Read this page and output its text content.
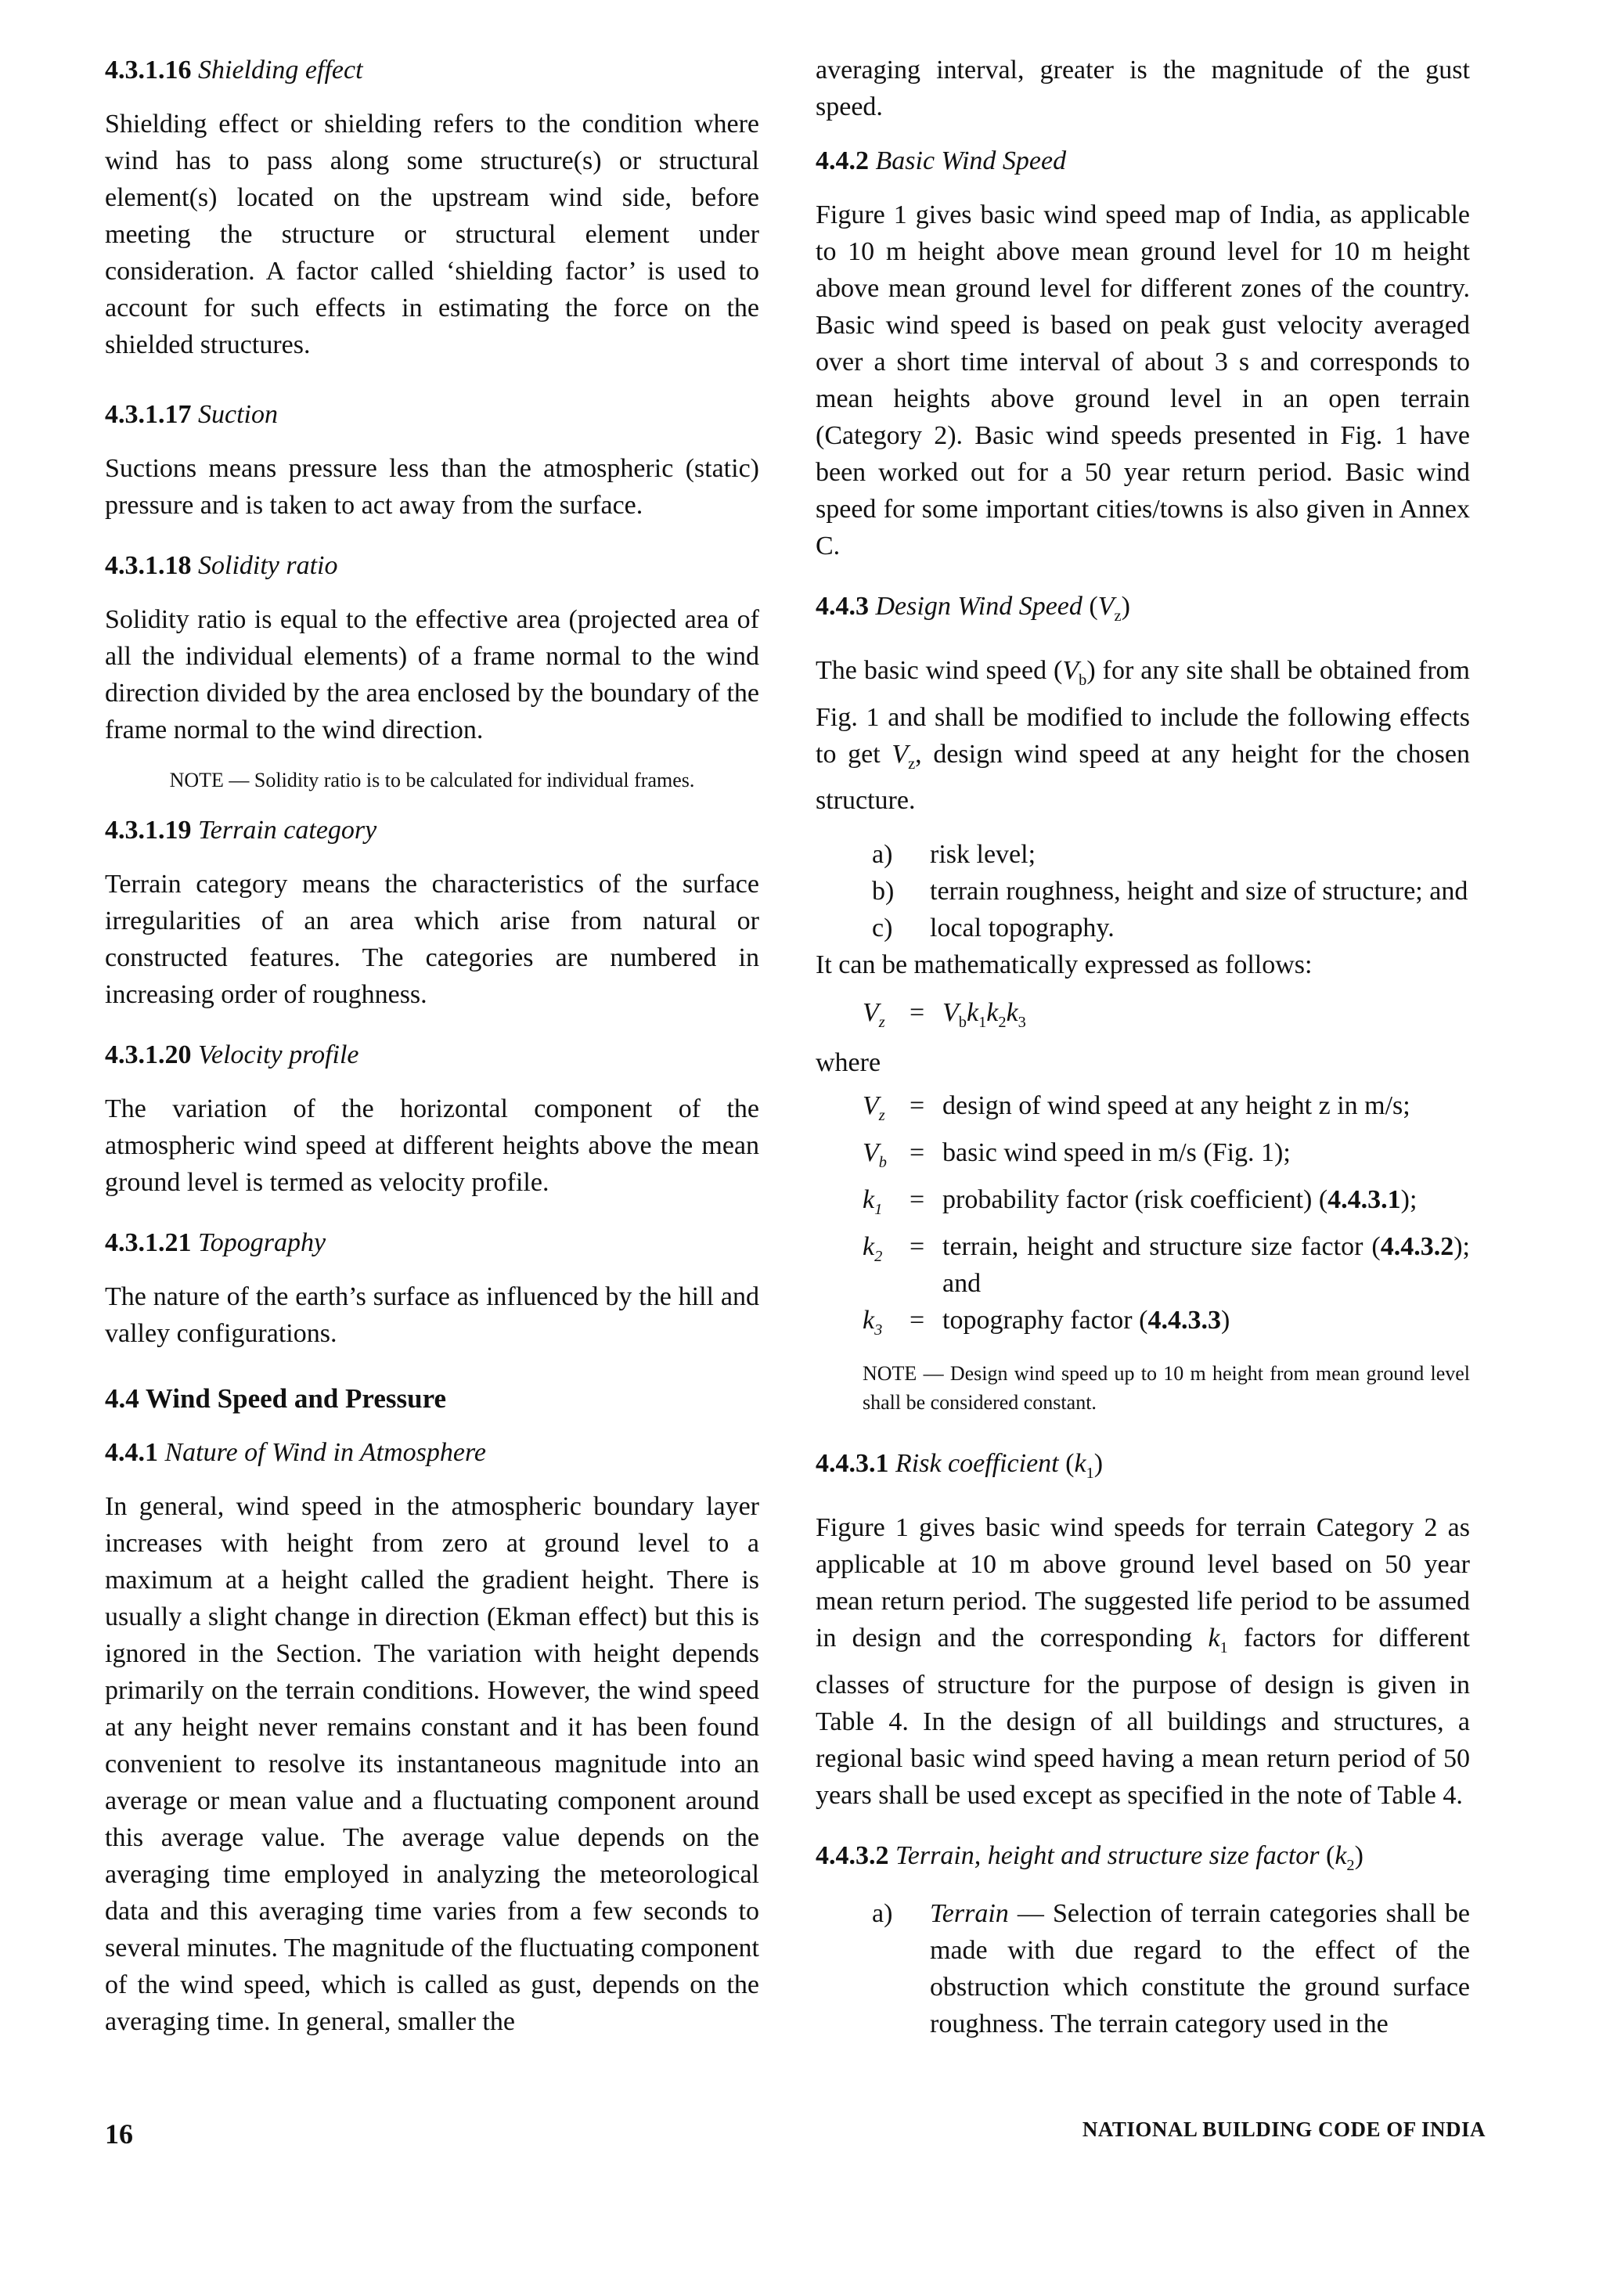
4.3.1.16 Shielding effect

Shielding effect or shielding refers to the condition where wind has to pass along some structure(s) or structural element(s) located on the upstream wind side, before meeting the structure or structural element under consideration. A factor called ‘shielding factor’ is used to account for such effects in estimating the force on the shielded structures.

4.3.1.17 Suction

Suctions means pressure less than the atmospheric (static) pressure and is taken to act away from the surface.

4.3.1.18 Solidity ratio

Solidity ratio is equal to the effective area (projected area of all the individual elements) of a frame normal to the wind direction divided by the area enclosed by the boundary of the frame normal to the wind direction.

NOTE — Solidity ratio is to be calculated for individual frames.

4.3.1.19 Terrain category

Terrain category means the characteristics of the surface irregularities of an area which arise from natural or constructed features. The categories are numbered in increasing order of roughness.

4.3.1.20 Velocity profile

The variation of the horizontal component of the atmospheric wind speed at different heights above the mean ground level is termed as velocity profile.

4.3.1.21 Topography

The nature of the earth’s surface as influenced by the hill and valley configurations.

4.4 Wind Speed and Pressure
4.4.1 Nature of Wind in Atmosphere

In general, wind speed in the atmospheric boundary layer increases with height from zero at ground level to a maximum at a height called the gradient height. There is usually a slight change in direction (Ekman effect) but this is ignored in the Section. The variation with height depends primarily on the terrain conditions. However, the wind speed at any height never remains constant and it has been found convenient to resolve its instantaneous magnitude into an average or mean value and a fluctuating component around this average value. The average value depends on the averaging time employed in analyzing the meteorological data and this averaging time varies from a few seconds to several minutes. The magnitude of the fluctuating component of the wind speed, which is called as gust, depends on the averaging time. In general, smaller the

averaging interval, greater is the magnitude of the gust speed.

4.4.2 Basic Wind Speed

Figure 1 gives basic wind speed map of India, as applicable to 10 m height above mean ground level for 10 m height above mean ground level for different zones of the country. Basic wind speed is based on peak gust velocity averaged over a short time interval of about 3 s and corresponds to mean heights above ground level in an open terrain (Category 2). Basic wind speeds presented in Fig. 1 have been worked out for a 50 year return period. Basic wind speed for some important cities/towns is also given in Annex C.

4.4.3 Design Wind Speed $(V_z)$

The basic wind speed $(V_b)$ for any site shall be obtained from Fig. 1 and shall be modified to include the following effects to get $V_z$, design wind speed at any height for the chosen structure.

a)	risk level;
b)	terrain roughness, height and size of structure; and
c)	local topography.

It can be mathematically expressed as follows:

$V_z = V_bk_1k_2k_3$

where

$V_z$ = design of wind speed at any height z in m/s;
$V_b$ = basic wind speed in m/s (Fig. 1);
$k_1$	= probability factor (risk coefficient) (4.4.3.1);
$k_2$	= terrain, height and structure size factor (4.4.3.2); and
$k_3$	= topography factor (4.4.3.3)

NOTE — Design wind speed up to 10 m height from mean ground level shall be considered constant.

4.4.3.1 Risk coefficient $(k_1)$

Figure 1 gives basic wind speeds for terrain Category 2 as applicable at 10 m above ground level based on 50 year mean return period. The suggested life period to be assumed in design and the corresponding $k_1$ factors for different classes of structure for the purpose of design is given in Table 4. In the design of all buildings and structures, a regional basic wind speed having a mean return period of 50 years shall be used except as specified in the note of Table 4.

4.4.3.2 Terrain, height and structure size factor $(k_2)$
a)	Terrain — Selection of terrain categories shall be made with due regard to the effect of the obstruction which constitute the ground surface roughness. The terrain category used in the
16	NATIONAL BUILDING CODE OF INDIA
